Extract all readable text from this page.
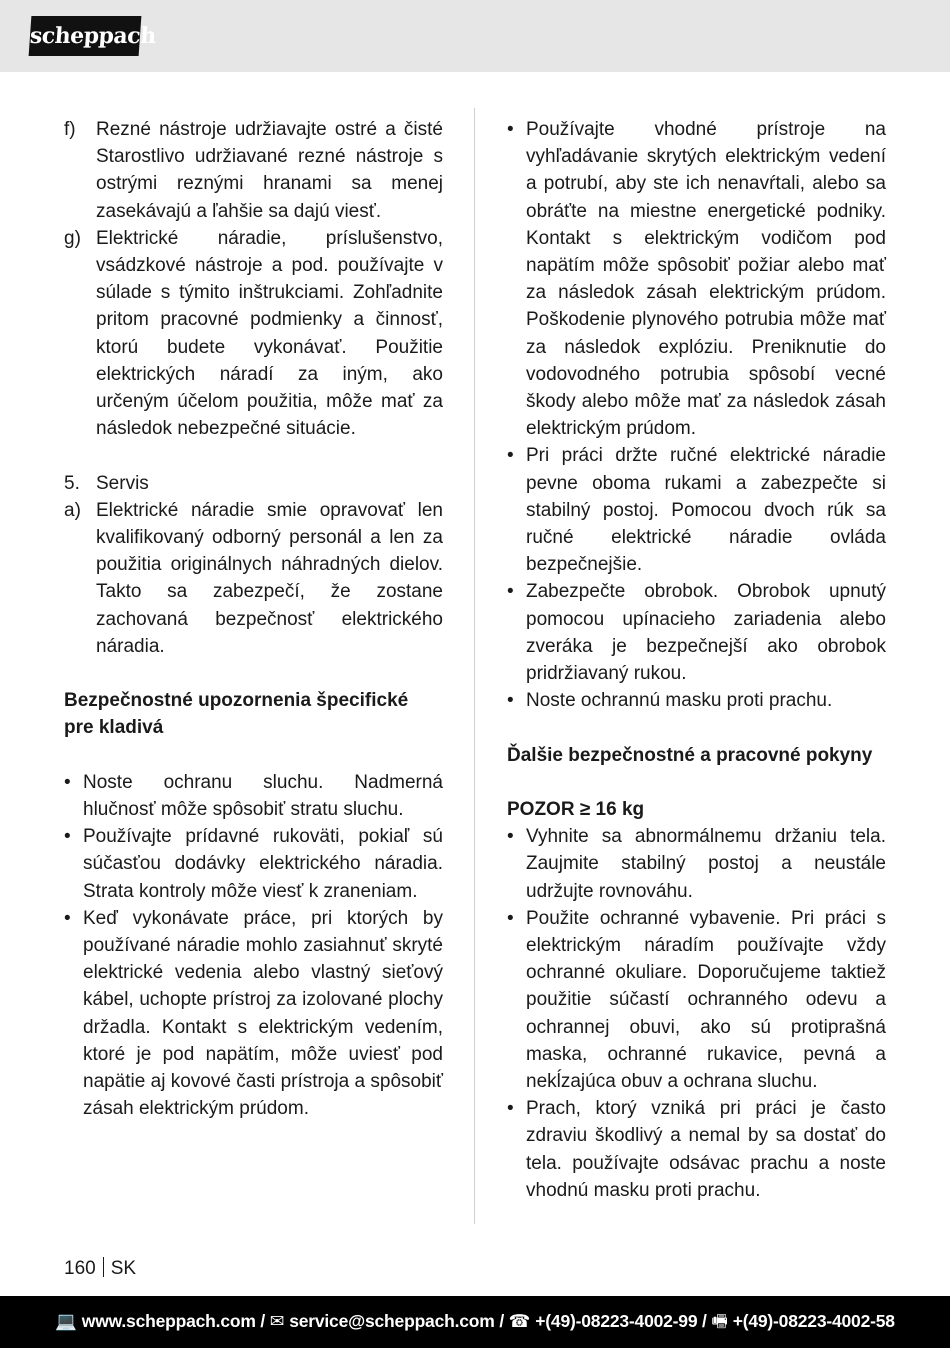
scheppach
f) Rezné nástroje udržiavajte ostré a čisté Starostlivo udržiavané rezné nástroje s ostrými reznými hranami sa menej zasekávajú a ľahšie sa dajú viesť.
g) Elektrické náradie, príslušenstvo, vsádzkové nástroje a pod. používajte v súlade s týmito inštrukciami. Zohľadnite pritom pracovné podmienky a činnosť, ktorú budete vykonávať. Použitie elektrických náradí za iným, ako určeným účelom použitia, môže mať za následok nebezpečné situácie.
5. Servis
a) Elektrické náradie smie opravovať len kvalifikovaný odborný personál a len za použitia originálnych náhradných dielov. Takto sa zabezpečí, že zostane zachovaná bezpečnosť elektrického náradia.

Bezpečnostné upozornenia špecifické pre kladivá

• Noste ochranu sluchu. Nadmerná hlučnosť môže spôsobiť stratu sluchu.
• Používajte prídavné rukoväti, pokiaľ sú súčasťou dodávky elektrického náradia. Strata kontroly môže viesť k zraneniam.
• Keď vykonávate práce, pri ktorých by používané náradie mohlo zasiahnuť skryté elektrické vedenia alebo vlastný sieťový kábel, uchopte prístroj za izolované plochy držadla. Kontakt s elektrickým vedením, ktoré je pod napätím, môže uviesť pod napätie aj kovové časti prístroja a spôsobiť zásah elektrickým prúdom.
• Používajte vhodné prístroje na vyhľadávanie skrytých elektrickým vedení a potrubí, aby ste ich nenavŕtali, alebo sa obráťte na miestne energetické podniky. Kontakt s elektrickým vodičom pod napätím môže spôsobiť požiar alebo mať za následok zásah elektrickým prúdom. Poškodenie plynového potrubia môže mať za následok explóziu. Preniknutie do vodovodného potrubia spôsobí vecné škody alebo môže mať za následok zásah elektrickým prúdom.
• Pri práci držte ručné elektrické náradie pevne oboma rukami a zabezpečte si stabilný postoj. Pomocou dvoch rúk sa ručné elektrické náradie ovláda bezpečnejšie.
• Zabezpečte obrobok. Obrobok upnutý pomocou upínacieho zariadenia alebo zveráka je bezpečnejší ako obrobok pridržiavaný rukou.
• Noste ochrannú masku proti prachu.

Ďalšie bezpečnostné a pracovné pokyny

POZOR ≥ 16 kg

• Vyhnite sa abnormálnemu držaniu tela. Zaujmite stabilný postoj a neustále udržujte rovnováhu.
• Použite ochranné vybavenie. Pri práci s elektrickým náradím používajte vždy ochranné okuliare. Doporučujeme taktiež použitie súčastí ochranného odevu a ochrannej obuvi, ako sú protiprašná maska, ochranné rukavice, pevná a nekĺzajúca obuv a ochrana sluchu.
• Prach, ktorý vzniká pri práci je často zdraviu škodlivý a nemal by sa dostať do tela. používajte odsávac prachu a noste vhodnú masku proti prachu.
160 SK
💻 www.scheppach.com / ✉ service@scheppach.com / ☎ +(49)-08223-4002-99 / 🖷 +(49)-08223-4002-58
